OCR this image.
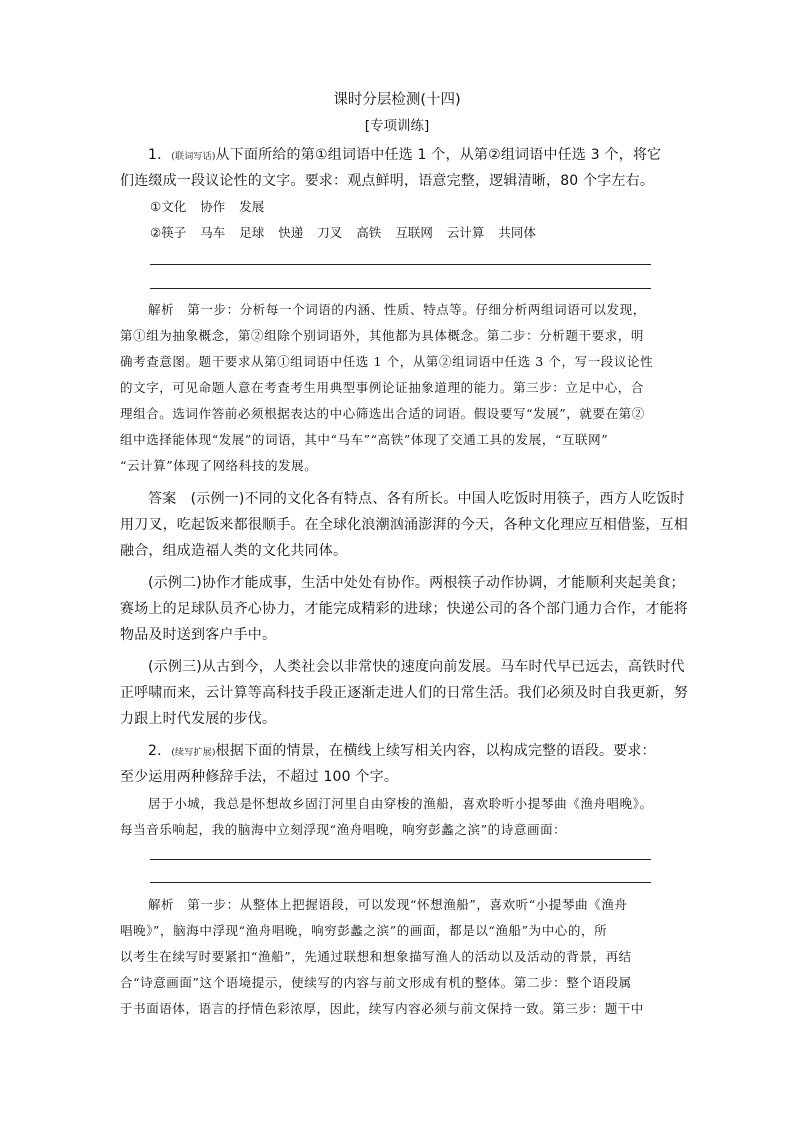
课时分层检测(十四)
[专项训练]
1．(联词写话)从下面所给的第①组词语中任选 1 个，从第②组词语中任选 3 个，将它
们连缀成一段议论性的文字。要求：观点鲜明，语意完整，逻辑清晰，80 个字左右。
①文化 协作 发展
②筷子 马车 足球 快递 刀叉 高铁 互联网 云计算 共同体
解析　第一步：分析每一个词语的内涵、性质、特点等。仔细分析两组词语可以发现，
第①组为抽象概念，第②组除个别词语外，其他都为具体概念。第二步：分析题干要求，明
确考查意图。题干要求从第①组词语中任选 1 个，从第②组词语中任选 3 个，写一段议论性
的文字，可见命题人意在考查考生用典型事例论证抽象道理的能力。第三步：立足中心，合
理组合。选词作答前必须根据表达的中心筛选出合适的词语。假设要写“发展”，就要在第②
组中选择能体现“发展”的词语，其中“马车”“高铁”体现了交通工具的发展，“互联网”
“云计算”体现了网络科技的发展。
答案　(示例一)不同的文化各有特点、各有所长。中国人吃饭时用筷子，西方人吃饭时
用刀叉，吃起饭来都很顺手。在全球化浪潮汹涌澎湃的今天，各种文化理应互相借鉴，互相
融合，组成造福人类的文化共同体。
(示例二)协作才能成事，生活中处处有协作。两根筷子动作协调，才能顺利夹起美食；
赛场上的足球队员齐心协力，才能完成精彩的进球；快递公司的各个部门通力合作，才能将
物品及时送到客户手中。
(示例三)从古到今，人类社会以非常快的速度向前发展。马车时代早已远去，高铁时代
正呼啸而来，云计算等高科技手段正逐渐走进人们的日常生活。我们必须及时自我更新，努
力跟上时代发展的步伐。
2．(续写扩展)根据下面的情景，在横线上续写相关内容，以构成完整的语段。要求：
至少运用两种修辞手法，不超过 100 个字。
居于小城，我总是怀想故乡固汀河里自由穿梭的渔船，喜欢聆听小提琴曲《渔舟唱晚》。
每当音乐响起，我的脑海中立刻浮现“渔舟唱晚，响穷彭蠡之滨”的诗意画面：
解析　第一步：从整体上把握语段，可以发现“怀想渔船”，喜欢听“小提琴曲《渔舟
唱晚》”，脑海中浮现“渔舟唱晚，响穷彭蠡之滨”的画面，都是以“渔船”为中心的，所
以考生在续写时要紧扣“渔船”，先通过联想和想象描写渔人的活动以及活动的背景，再结
合“诗意画面”这个语境提示，使续写的内容与前文形成有机的整体。第二步：整个语段属
于书面语体，语言的抒情色彩浓厚，因此，续写内容必须与前文保持一致。第三步：题干中
